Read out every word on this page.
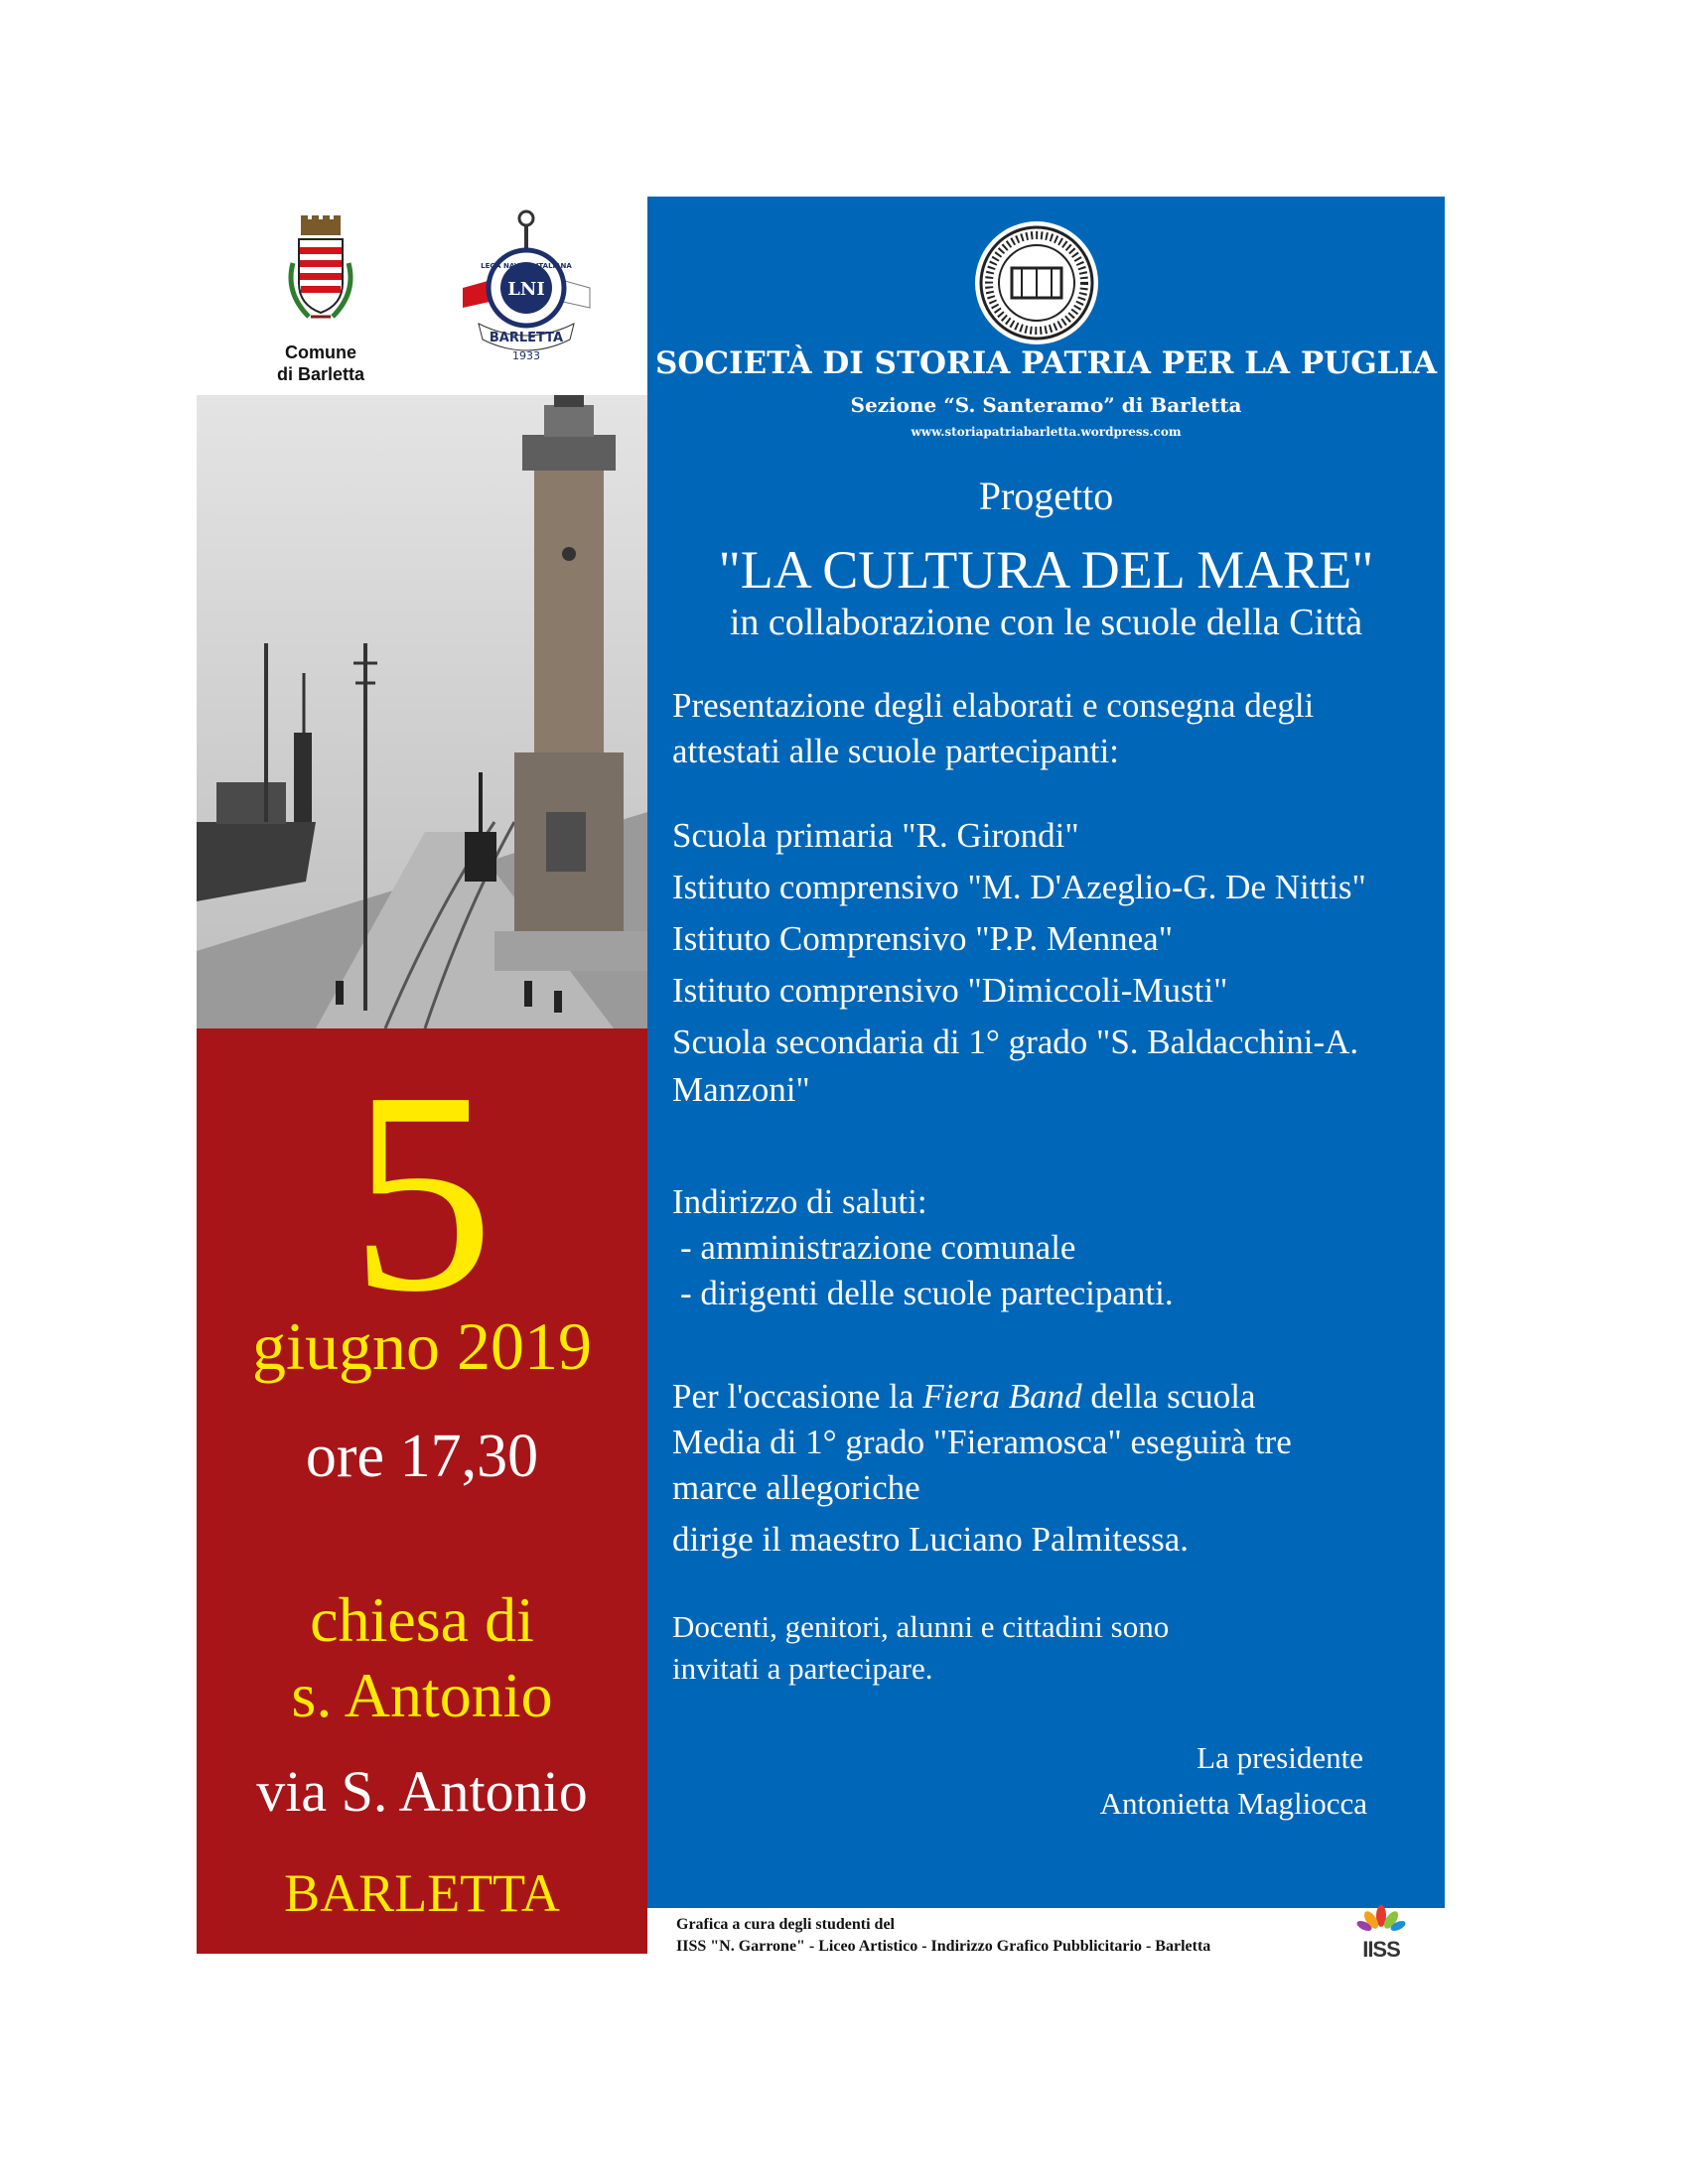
Comune
di Barletta
LNI
BARLETTA
1933
LEGA NAVALE ITALIANA
5
giugno 2019
ore 17,30
chiesa di
s. Antonio
via S. Antonio
BARLETTA
SOCIETÀ DI STORIA PATRIA PER LA PUGLIA
Sezione “S. Santeramo” di Barletta
www.storiapatriabarletta.wordpress.com
Progetto
"LA CULTURA DEL MARE"
in collaborazione con le scuole della Città
Presentazione degli elaborati e consegna degli
attestati alle scuole partecipanti:
Scuola primaria "R. Girondi"
Istituto comprensivo "M. D'Azeglio-G. De Nittis"
Istituto Comprensivo "P.P. Mennea"
Istituto comprensivo "Dimiccoli-Musti"
Scuola secondaria di 1° grado "S. Baldacchini-A. Manzoni"
Indirizzo di saluti:
- amministrazione comunale
- dirigenti delle scuole partecipanti.
Per l'occasione la Fiera Band della scuola
Media di 1° grado "Fieramosca" eseguirà tre
marce allegoriche
dirige il maestro Luciano Palmitessa.
Docenti, genitori, alunni e cittadini sono
invitati a partecipare.
La presidente
Antonietta Magliocca
Grafica a cura degli studenti del
IISS "N. Garrone" - Liceo Artistico - Indirizzo Grafico Pubblicitario - Barletta	IISS
